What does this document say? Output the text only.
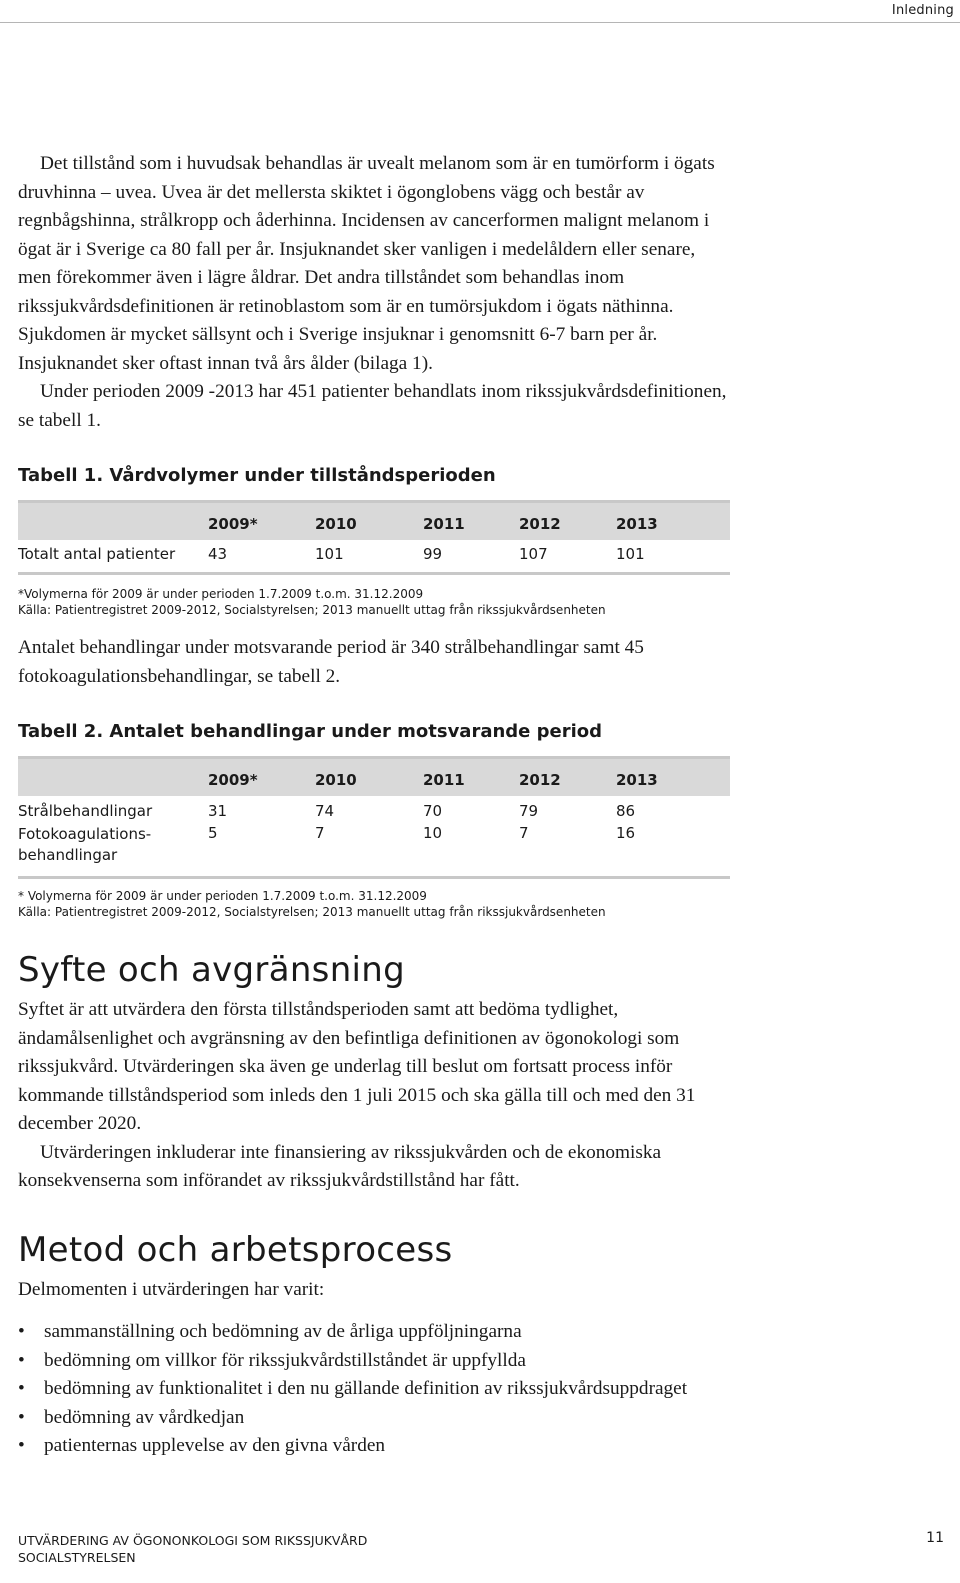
Inledning

Det tillstånd som i huvudsak behandlas är uvealt melanom som är en tumörform i ögats druvhinna – uvea. Uvea är det mellersta skiktet i ögonglobens vägg och består av regnbågshinna, strålkropp och åderhinna. Incidensen av cancerformen malignt melanom i ögat är i Sverige ca 80 fall per år. Insjuknandet sker vanligen i medelåldern eller senare, men förekommer även i lägre åldrar. Det andra tillståndet som behandlas inom rikssjukvårdsdefinitionen är retinoblastom som är en tumörsjukdom i ögats näthinna. Sjukdomen är mycket sällsynt och i Sverige insjuknar i genomsnitt 6-7 barn per år. Insjuknandet sker oftast innan två års ålder (bilaga 1).

Under perioden 2009 -2013 har 451 patienter behandlats inom rikssjukvårdsdefinitionen, se tabell 1.

Tabell 1. Vårdvolymer under tillståndsperioden
	2009*	2010	2011	2012	2013
Totalt antal patienter	43	101	99	107	101
*Volymerna för 2009 är under perioden 1.7.2009 t.o.m. 31.12.2009
Källa: Patientregistret 2009-2012, Socialstyrelsen; 2013 manuellt uttag från rikssjukvårdsenheten

Antalet behandlingar under motsvarande period är 340 strålbehandlingar samt 45 fotokoagulationsbehandlingar, se tabell 2.

Tabell 2. Antalet behandlingar under motsvarande period
	2009*	2010	2011	2012	2013
Strålbehandlingar	31	74	70	79	86
Fotokoagulations-behandlingar	5	7	10	7	16
* Volymerna för 2009 är under perioden 1.7.2009 t.o.m. 31.12.2009
Källa: Patientregistret 2009-2012, Socialstyrelsen; 2013 manuellt uttag från rikssjukvårdsenheten
Syfte och avgränsning

Syftet är att utvärdera den första tillståndsperioden samt att bedöma tydlighet, ändamålsenlighet och avgränsning av den befintliga definitionen av ögonokologi som rikssjukvård. Utvärderingen ska även ge underlag till beslut om fortsatt process inför kommande tillståndsperiod som inleds den 1 juli 2015 och ska gälla till och med den 31 december 2020.

Utvärderingen inkluderar inte finansiering av rikssjukvården och de ekonomiska konsekvenserna som införandet av rikssjukvårdstillstånd har fått.

Metod och arbetsprocess

Delmomenten i utvärderingen har varit:

• sammanställning och bedömning av de årliga uppföljningarna
• bedömning om villkor för rikssjukvårdstillståndet är uppfyllda
• bedömning av funktionalitet i den nu gällande definition av rikssjukvårdsuppdraget
• bedömning av vårdkedjan
• patienternas upplevelse av den givna vården
UTVÄRDERING AV ÖGONONKOLOGI SOM RIKSSJUKVÅRD
SOCIALSTYRELSEN
11
